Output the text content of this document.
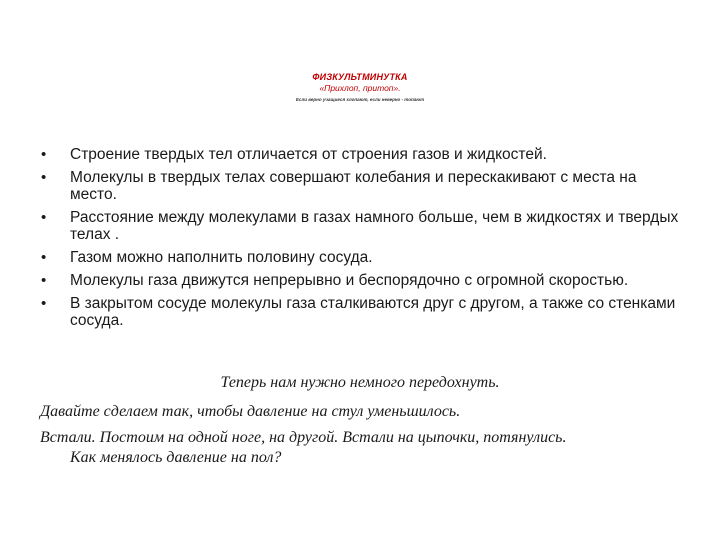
ФИЗКУЛЬТМИНУТКА
«Прихлоп, притоп».
Если верно учащиеся хлопают, если неверно - топают
• Строение твердых тел отличается от строения газов и жидкостей.
• Молекулы в твердых телах совершают колебания и перескакивают с места на место.
• Расстояние между молекулами в газах намного больше, чем в жидкостях и твердых телах .
• Газом можно наполнить половину сосуда.
• Молекулы газа движутся непрерывно и беспорядочно с огромной скоростью.
• В закрытом сосуде молекулы газа сталкиваются друг с другом, а также со стенками сосуда.
Теперь нам нужно немного передохнуть.
Давайте сделаем так, чтобы давление на стул уменьшилось.
Встали. Постоим на одной ноге, на другой. Встали на цыпочки, потянулись.
Как менялось давление на пол?
